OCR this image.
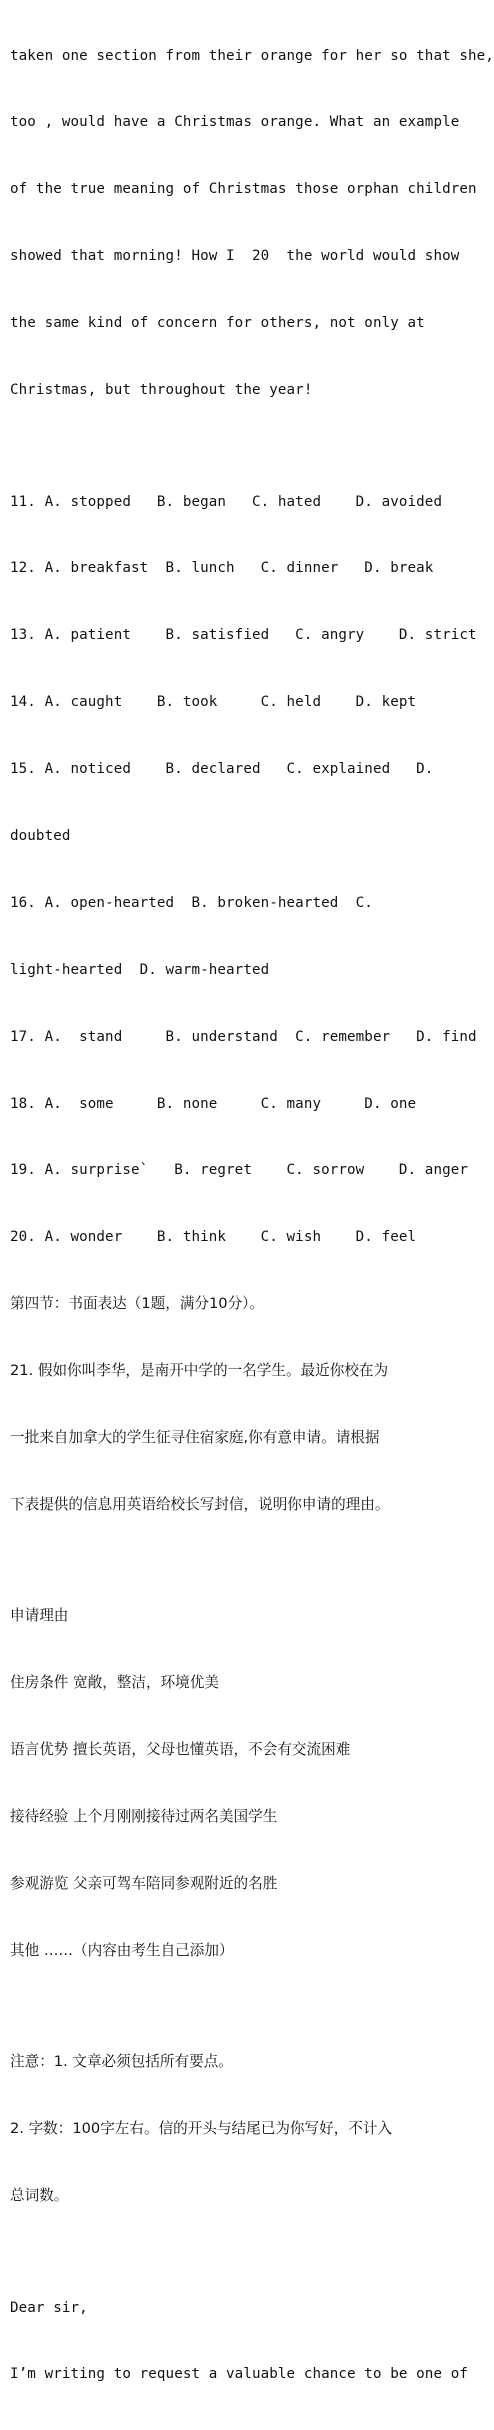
taken one section from their orange for her so that she,

too , would have a Christmas orange. What an example

of the true meaning of Christmas those orphan children

showed that morning! How I  20  the world would show

the same kind of concern for others, not only at

Christmas, but throughout the year!

11. A. stopped   B. began   C. hated    D. avoided

12. A. breakfast  B. lunch   C. dinner   D. break

13. A. patient    B. satisfied   C. angry    D. strict

14. A. caught    B. took     C. held    D. kept

15. A. noticed    B. declared   C. explained   D.

doubted

16. A. open-hearted  B. broken-hearted  C.

light-hearted  D. warm-hearted

17. A.  stand     B. understand  C. remember   D. find

18. A.  some     B. none     C. many     D. one

19. A. surprise`   B. regret    C. sorrow    D. anger

20. A. wonder    B. think    C. wish    D. feel

第四节：书面表达（1题，满分10分）。

21. 假如你叫李华，是南开中学的一名学生。最近你校在为

一批来自加拿大的学生征寻住宿家庭,你有意申请。请根据

下表提供的信息用英语给校长写封信，说明你申请的理由。

申请理由

住房条件 宽敞，整洁，环境优美

语言优势 擅长英语，父母也懂英语，不会有交流困难

接待经验 上个月刚刚接待过两名美国学生

参观游览 父亲可驾车陪同参观附近的名胜

其他 ……（内容由考生自己添加）

注意：1. 文章必须包括所有要点。

2. 字数：100字左右。信的开头与结尾已为你写好，不计入

总词数。

Dear sir,

I’m writing to request a valuable chance to be one of
